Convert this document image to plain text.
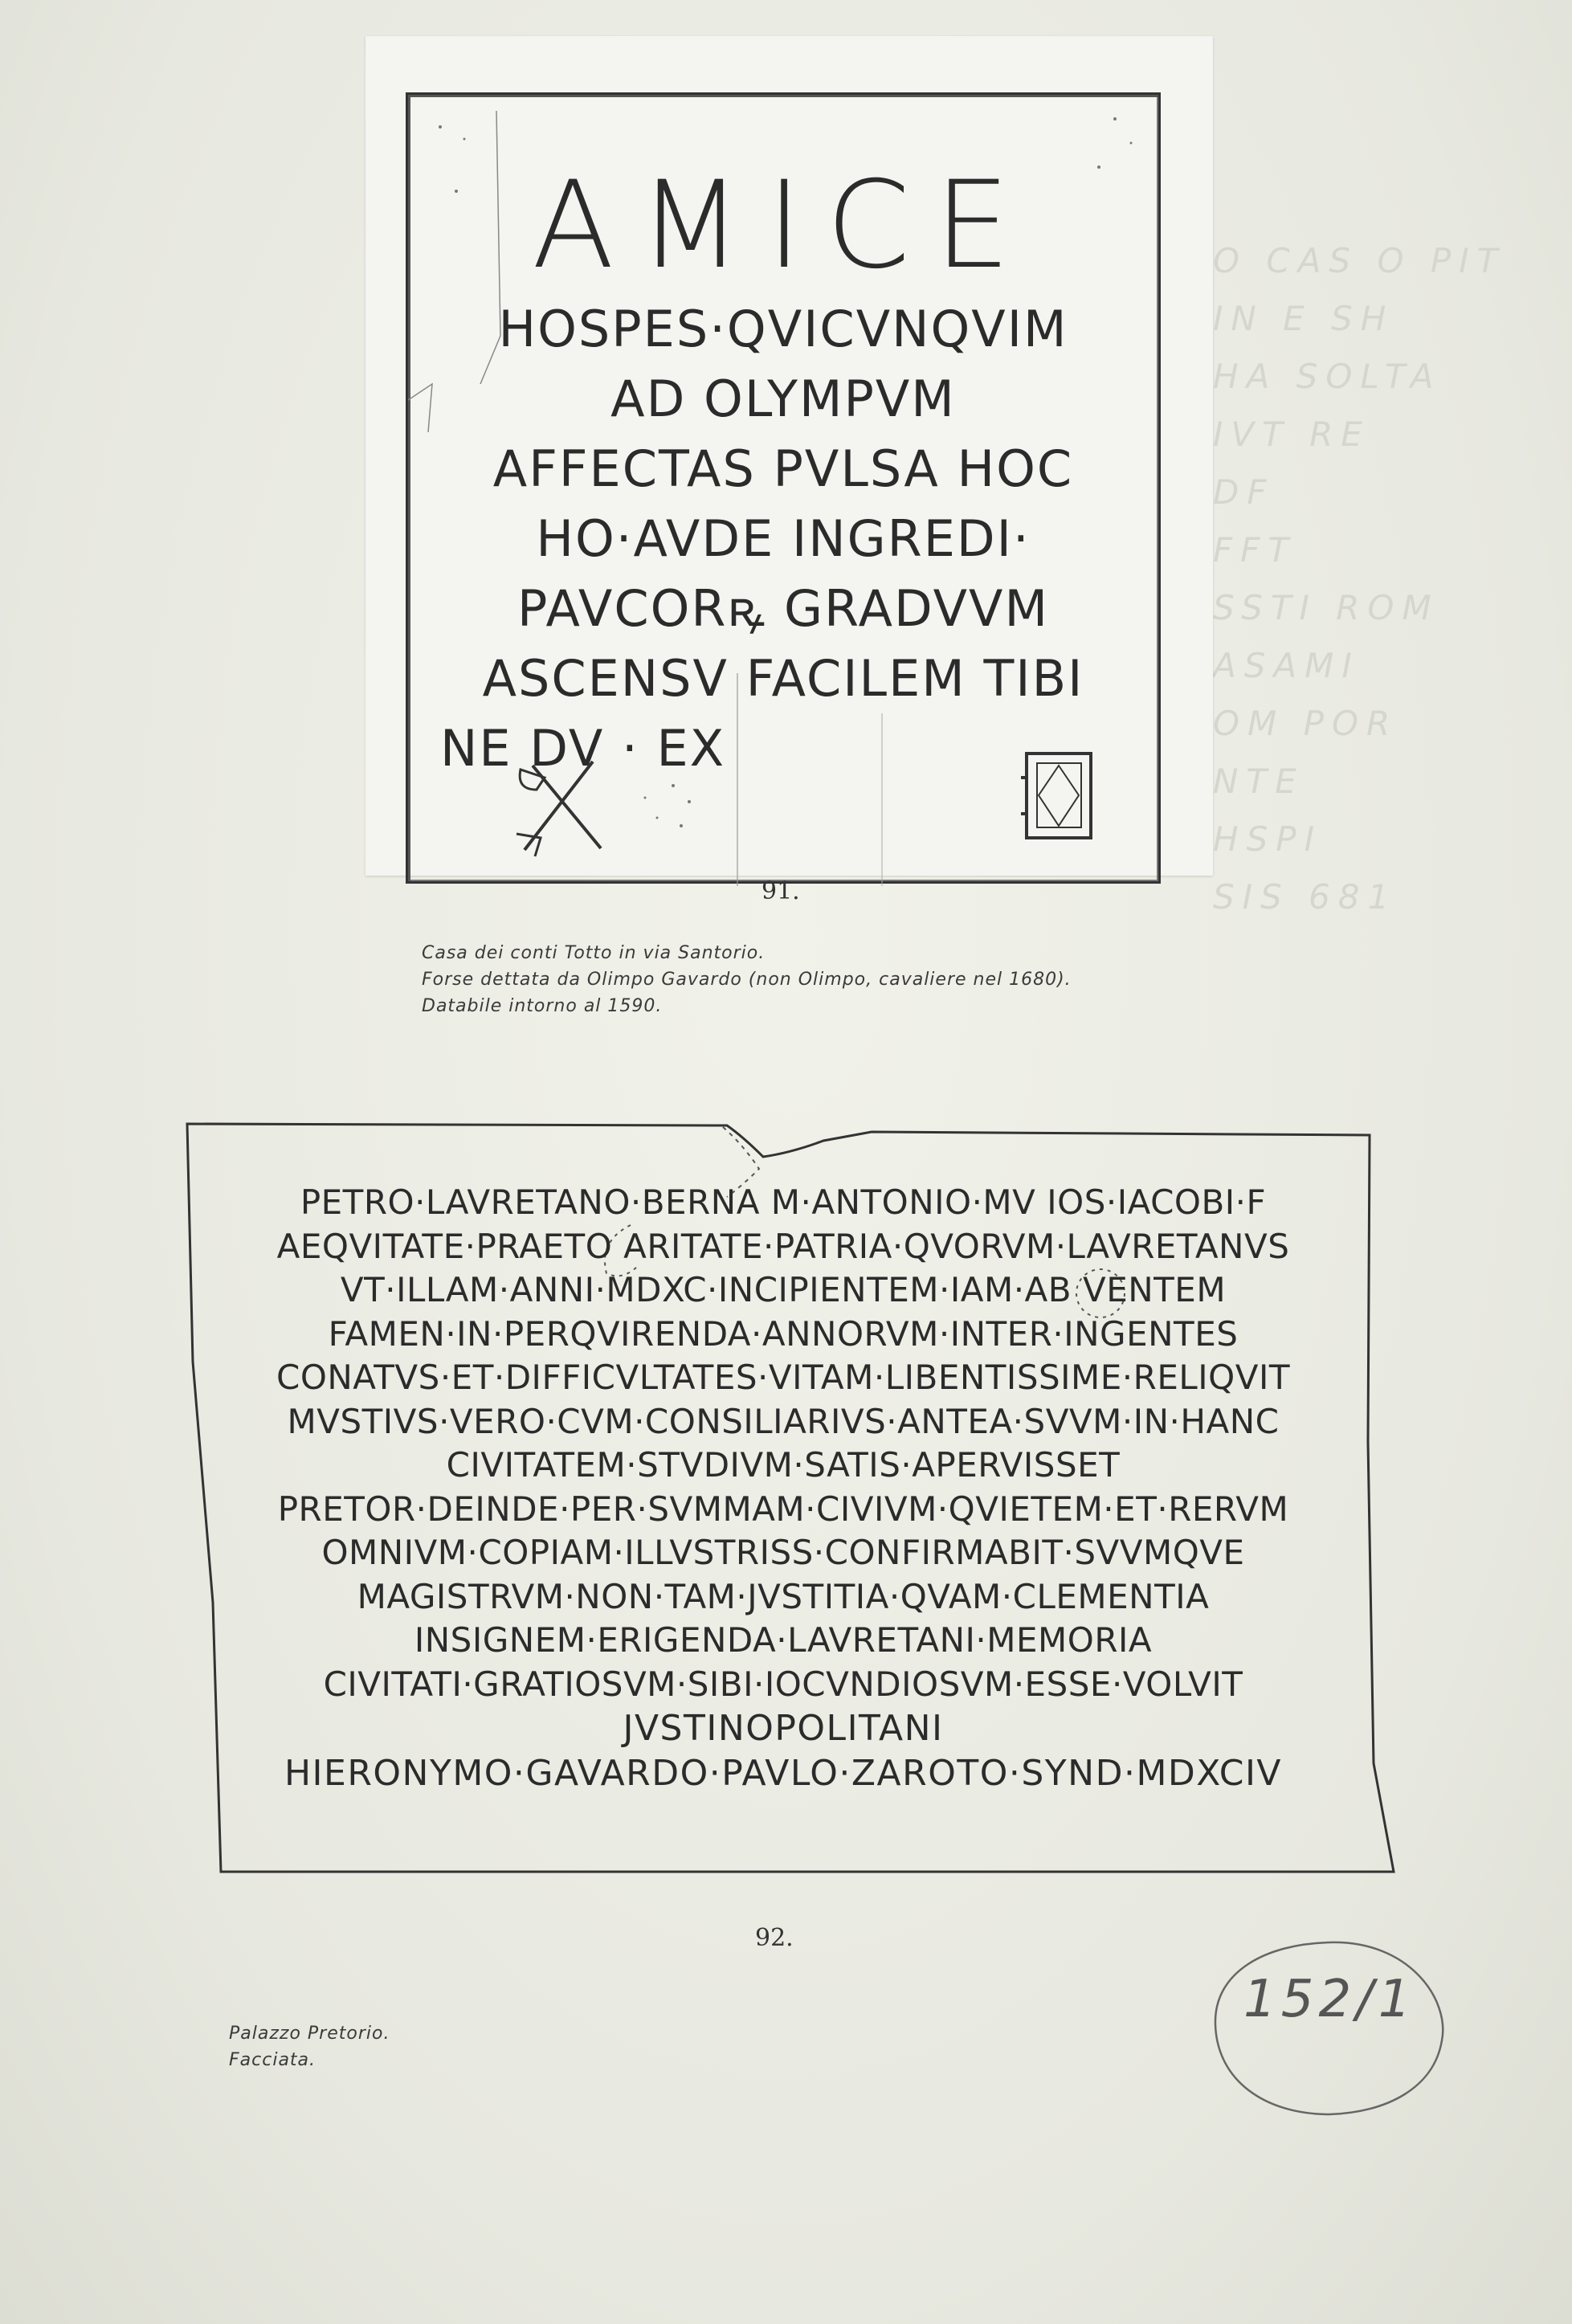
O CAS O PIT
IN E SH
HA SOLTA
IVT RE
DF
FFT
SSTI ROM
ASAMI
OM POR
NTE
HSPI
SIS 681
AMICE
HOSPES·QVICVNQVIM
AD OLYMPVM
AFFECTAS PVLSA HOC
HO·AVDE INGREDI·
PAVCORꝶ GRADVVM
ASCENSV FACILEM TIBI
NE DV · EX
91.
Casa dei conti Totto in via Santorio.
Forse dettata da Olimpo Gavardo (non Olimpo, cavaliere nel 1680).
Databile intorno al 1590.
PETRO·LAVRETANO·BERNA M·ANTONIO·MV IOS·IACOBI·F
AEQVITATE·PRAETO ARITATE·PATRIA·QVORVM·LAVRETANVS
VT·ILLAM·ANNI·MDXC·INCIPIENTEM·IAM·AB VENTEM
FAMEN·IN·PERQVIRENDA·ANNORVM·INTER·INGENTES
CONATVS·ET·DIFFICVLTATES·VITAM·LIBENTISSIME·RELIQVIT
MVSTIVS·VERO·CVM·CONSILIARIVS·ANTEA·SVVM·IN·HANC
CIVITATEM·STVDIVM·SATIS·APERVISSET
PRETOR·DEINDE·PER·SVMMAM·CIVIVM·QVIETEM·ET·RERVM
OMNIVM·COPIAM·ILLVSTRISS·CONFIRMABIT·SVVMQVE
MAGISTRVM·NON·TAM·JVSTITIA·QVAM·CLEMENTIA
INSIGNEM·ERIGENDA·LAVRETANI·MEMORIA
CIVITATI·GRATIOSVM·SIBI·IOCVNDIOSVM·ESSE·VOLVIT
JVSTINOPOLITANI
HIERONYMO·GAVARDO·PAVLO·ZAROTO·SYND·MDXCIV
92.
Palazzo Pretorio.
Facciata.
152/1
